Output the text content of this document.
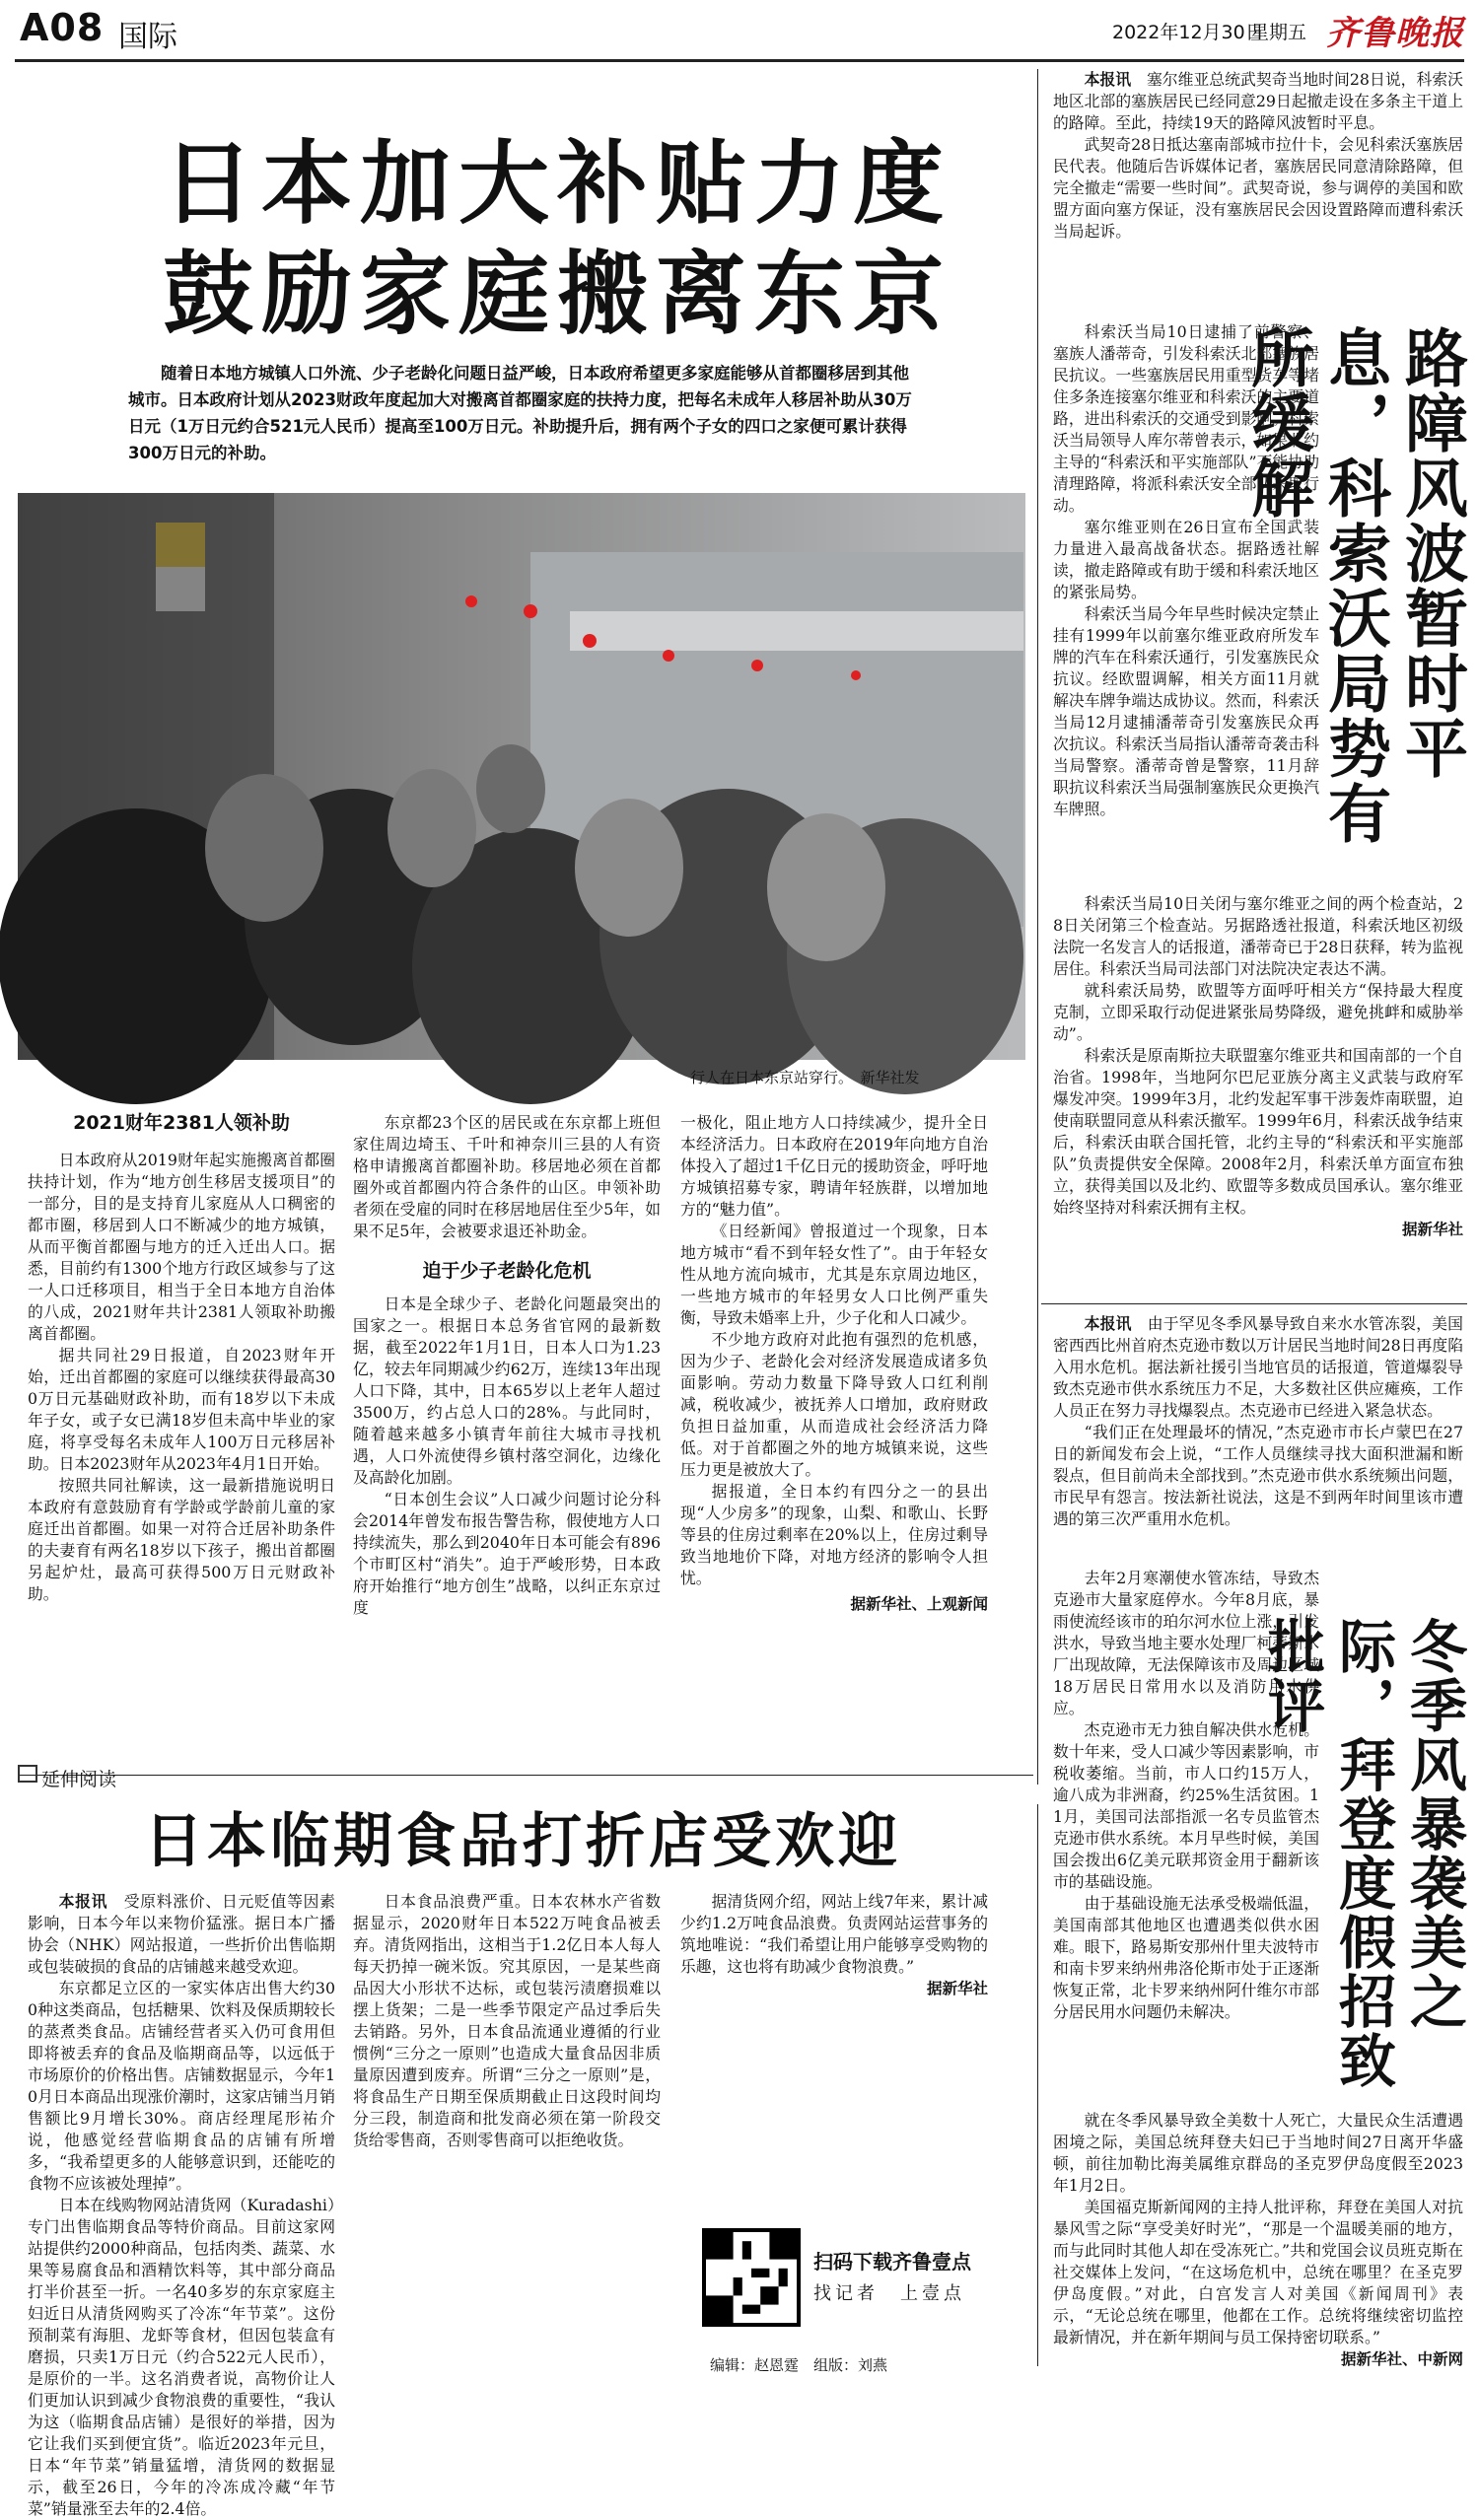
A08 国际	2022年12月30日
星期五 齐鲁晚报
日本加大补贴力度
鼓励家庭搬离东京
随着日本地方城镇人口外流、少子老龄化问题日益严峻，日本政府希望更多家庭能够从首都圈移居到其他城市。日本政府计划从2023财政年度起加大对搬离首都圈家庭的扶持力度，把每名未成年人移居补助从30万日元（1万日元约合521元人民币）提高至100万日元。补助提升后，拥有两个子女的四口之家便可累计获得300万日元的补助。
行人在日本东京站穿行。　新华社发
2021财年2381人领补助

日本政府从2019财年起实施搬离首都圈扶持计划，作为“地方创生移居支援项目”的一部分，目的是支持育儿家庭从人口稠密的都市圈，移居到人口不断减少的地方城镇，从而平衡首都圈与地方的迁入迁出人口。据悉，目前约有1300个地方行政区域参与了这一人口迁移项目，相当于全日本地方自治体的八成，2021财年共计2381人领取补助搬离首都圈。

据共同社29日报道，自2023财年开始，迁出首都圈的家庭可以继续获得最高300万日元基础财政补助，而有18岁以下未成年子女，或子女已满18岁但未高中毕业的家庭，将享受每名未成年人100万日元移居补助。日本2023财年从2023年4月1日开始。

按照共同社解读，这一最新措施说明日本政府有意鼓励育有学龄或学龄前儿童的家庭迁出首都圈。如果一对符合迁居补助条件的夫妻育有两名18岁以下孩子，搬出首都圈另起炉灶，最高可获得500万日元财政补助。

东京都23个区的居民或在东京都上班但家住周边埼玉、千叶和神奈川三县的人有资格申请搬离首都圈补助。移居地必须在首都圈外或首都圈内符合条件的山区。申领补助者须在受雇的同时在移居地居住至少5年，如果不足5年，会被要求退还补助金。

迫于少子老龄化危机

日本是全球少子、老龄化问题最突出的国家之一。根据日本总务省官网的最新数据，截至2022年1月1日，日本人口为1.23亿，较去年同期减少约62万，连续13年出现人口下降，其中，日本65岁以上老年人超过3500万，约占总人口的28%。与此同时，随着越来越多小镇青年前往大城市寻找机遇，人口外流使得乡镇村落空洞化，边缘化及高龄化加剧。

“日本创生会议”人口减少问题讨论分科会2014年曾发布报告警告称，假使地方人口持续流失，那么到2040年日本可能会有896个市町区村“消失”。迫于严峻形势，日本政府开始推行“地方创生”战略，以纠正东京过度

一极化，阻止地方人口持续减少，提升全日本经济活力。日本政府在2019年向地方自治体投入了超过1千亿日元的援助资金，呼吁地方城镇招募专家，聘请年轻族群，以增加地方的“魅力值”。

《日经新闻》曾报道过一个现象，日本地方城市“看不到年轻女性了”。由于年轻女性从地方流向城市，尤其是东京周边地区，一些地方城市的年轻男女人口比例严重失衡，导致未婚率上升，少子化和人口减少。

不少地方政府对此抱有强烈的危机感，因为少子、老龄化会对经济发展造成诸多负面影响。劳动力数量下降导致人口红利削减，税收减少，被抚养人口增加，政府财政负担日益加重，从而造成社会经济活力降低。对于首都圈之外的地方城镇来说，这些压力更是被放大了。

据报道，全日本约有四分之一的县出现“人少房多”的现象，山梨、和歌山、长野等县的住房过剩率在20%以上，住房过剩导致当地地价下降，对地方经济的影响令人担忧。

据新华社、上观新闻

本报讯　塞尔维亚总统武契奇当地时间28日说，科索沃地区北部的塞族居民已经同意29日起撤走设在多条主干道上的路障。至此，持续19天的路障风波暂时平息。

武契奇28日抵达塞南部城市拉什卡，会见科索沃塞族居民代表。他随后告诉媒体记者，塞族居民同意清除路障，但完全撤走“需要一些时间”。武契奇说，参与调停的美国和欧盟方面向塞方保证，没有塞族居民会因设置路障而遭科索沃当局起诉。

科索沃当局10日逮捕了前警察、塞族人潘蒂奇，引发科索沃北部塞族居民抗议。一些塞族居民用重型货车等堵住多条连接塞尔维亚和科索沃的主要道路，进出科索沃的交通受到影响。科索沃当局领导人库尔蒂曾表示，如果北约主导的“科索沃和平实施部队”不能协助清理路障，将派科索沃安全部队采取行动。

塞尔维亚则在26日宣布全国武装力量进入最高战备状态。据路透社解读，撤走路障或有助于缓和科索沃地区的紧张局势。

科索沃当局今年早些时候决定禁止挂有1999年以前塞尔维亚政府所发车牌的汽车在科索沃通行，引发塞族民众抗议。经欧盟调解，相关方面11月就解决车牌争端达成协议。然而，科索沃当局12月逮捕潘蒂奇引发塞族民众再次抗议。科索沃当局指认潘蒂奇袭击科当局警察。潘蒂奇曾是警察，11月辞职抗议科索沃当局强制塞族民众更换汽车牌照。

路障风波暂时平息，科索沃局势有所缓解

科索沃当局10日关闭与塞尔维亚之间的两个检查站，28日关闭第三个检查站。另据路透社报道，科索沃地区初级法院一名发言人的话报道，潘蒂奇已于28日获释，转为监视居住。科索沃当局司法部门对法院决定表达不满。

就科索沃局势，欧盟等方面呼吁相关方“保持最大程度克制，立即采取行动促进紧张局势降级，避免挑衅和威胁举动”。

科索沃是原南斯拉夫联盟塞尔维亚共和国南部的一个自治省。1998年，当地阿尔巴尼亚族分离主义武装与政府军爆发冲突。1999年3月，北约发起军事干涉轰炸南联盟，迫使南联盟同意从科索沃撤军。1999年6月，科索沃战争结束后，科索沃由联合国托管，北约主导的“科索沃和平实施部队”负责提供安全保障。2008年2月，科索沃单方面宣布独立，获得美国以及北约、欧盟等多数成员国承认。塞尔维亚始终坚持对科索沃拥有主权。

据新华社

本报讯　由于罕见冬季风暴导致自来水水管冻裂，美国密西西比州首府杰克逊市数以万计居民当地时间28日再度陷入用水危机。据法新社援引当地官员的话报道，管道爆裂导致杰克逊市供水系统压力不足，大多数社区供应瘫痪，工作人员正在努力寻找爆裂点。杰克逊市已经进入紧急状态。

“我们正在处理最坏的情况，”杰克逊市市长卢蒙巴在27日的新闻发布会上说，“工作人员继续寻找大面积泄漏和断裂点，但目前尚未全部找到。”杰克逊市供水系统频出问题，市民早有怨言。按法新社说法，这是不到两年时间里该市遭遇的第三次严重用水危机。

去年2月寒潮使水管冻结，导致杰克逊市大量家庭停水。今年8月底，暴雨使流经该市的珀尔河水位上涨，引发洪水，导致当地主要水处理厂柯蒂斯水厂出现故障，无法保障该市及周边区域18万居民日常用水以及消防用水供应。

杰克逊市无力独自解决供水危机。数十年来，受人口减少等因素影响，市税收萎缩。当前，市人口约15万人，逾八成为非洲裔，约25%生活贫困。11月，美国司法部指派一名专员监管杰克逊市供水系统。本月早些时候，美国国会拨出6亿美元联邦资金用于翻新该市的基础设施。

由于基础设施无法承受极端低温，美国南部其他地区也遭遇类似供水困难。眼下，路易斯安那州什里夫波特市和南卡罗来纳州弗洛伦斯市处于正逐渐恢复正常，北卡罗来纳州阿什维尔市部分居民用水问题仍未解决。	冬季风暴袭美之际，拜登度假招致批评

就在冬季风暴导致全美数十人死亡，大量民众生活遭遇困境之际，美国总统拜登夫妇已于当地时间27日离开华盛顿，前往加勒比海美属维京群岛的圣克罗伊岛度假至2023年1月2日。

美国福克斯新闻网的主持人批评称，拜登在美国人对抗暴风雪之际“享受美好时光”，“那是一个温暖美丽的地方，而与此同时其他人却在受冻死亡。”共和党国会议员班克斯在社交媒体上发问，“在这场危机中，总统在哪里？在圣克罗伊岛度假。”对此，白宫发言人对美国《新闻周刊》表示，“无论总统在哪里，他都在工作。总统将继续密切监控最新情况，并在新年期间与员工保持密切联系。”

据新华社、中新网
延伸阅读
日本临期食品打折店受欢迎

本报讯　受原料涨价、日元贬值等因素影响，日本今年以来物价猛涨。据日本广播协会（NHK）网站报道，一些折价出售临期或包装破损的食品的店铺越来越受欢迎。

东京都足立区的一家实体店出售大约300种这类商品，包括糖果、饮料及保质期较长的蒸煮类食品。店铺经营者买入仍可食用但即将被丢弃的食品及临期商品等，以远低于市场原价的价格出售。店铺数据显示，今年10月日本商品出现涨价潮时，这家店铺当月销售额比9月增长30%。商店经理尾形祐介说，他感觉经营临期食品的店铺有所增多，“我希望更多的人能够意识到，还能吃的食物不应该被处理掉”。

日本在线购物网站清货网（Kuradashi）专门出售临期食品等特价商品。目前这家网站提供约2000种商品，包括肉类、蔬菜、水果等易腐食品和酒精饮料等，其中部分商品打半价甚至一折。一名40多岁的东京家庭主妇近日从清货网购买了冷冻“年节菜”。这份预制菜有海胆、龙虾等食材，但因包装盒有磨损，只卖1万日元（约合522元人民币），是原价的一半。这名消费者说，高物价让人们更加认识到减少食物浪费的重要性，“我认为这（临期食品店铺）是很好的举措，因为它让我们买到便宜货”。临近2023年元旦，日本“年节菜”销量猛增，清货网的数据显示，截至26日，今年的冷冻成冷藏“年节菜”销量涨至去年的2.4倍。

日本食品浪费严重。日本农林水产省数据显示，2020财年日本522万吨食品被丢弃。清货网指出，这相当于1.2亿日本人每人每天扔掉一碗米饭。究其原因，一是某些商品因大小形状不达标，或包装污渍磨损难以摆上货架；二是一些季节限定产品过季后失去销路。另外，日本食品流通业遵循的行业惯例“三分之一原则”也造成大量食品因非质量原因遭到废弃。所谓“三分之一原则”是，将食品生产日期至保质期截止日这段时间均分三段，制造商和批发商必须在第一阶段交货给零售商，否则零售商可以拒绝收货。

据清货网介绍，网站上线7年来，累计减少约1.2万吨食品浪费。负责网站运营事务的筑地唯说：“我们希望让用户能够享受购物的乐趣，这也将有助减少食物浪费。”

据新华社
扫码下载齐鲁壹点
找记者　上壹点
编辑：赵恩霆　组版：刘燕
